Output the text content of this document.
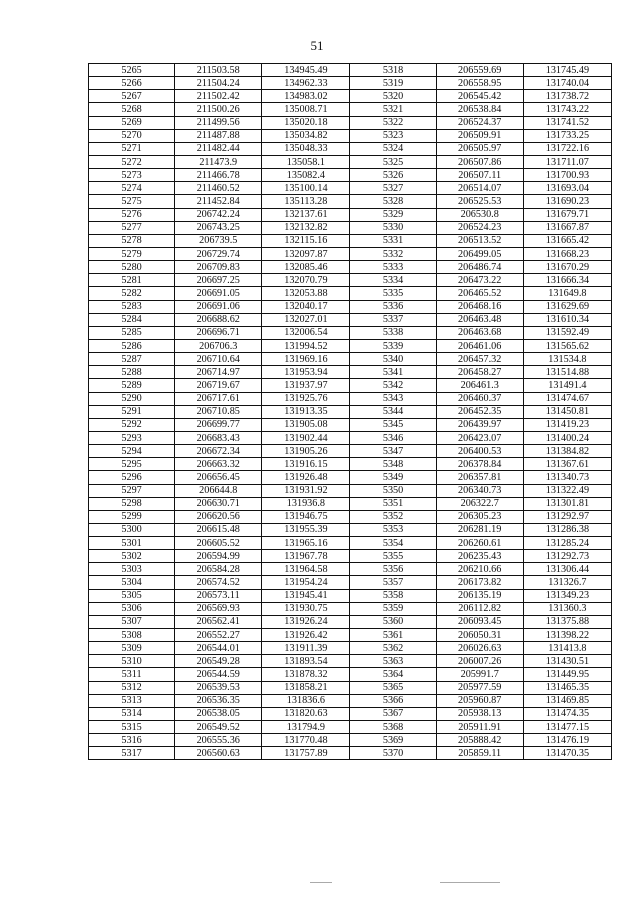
51
5265	211503.58	134945.49	5318	206559.69	131745.49
5266	211504.24	134962.33	5319	206558.95	131740.04
5267	211502.42	134983.02	5320	206545.42	131738.72
5268	211500.26	135008.71	5321	206538.84	131743.22
5269	211499.56	135020.18	5322	206524.37	131741.52
5270	211487.88	135034.82	5323	206509.91	131733.25
5271	211482.44	135048.33	5324	206505.97	131722.16
5272	211473.9	135058.1	5325	206507.86	131711.07
5273	211466.78	135082.4	5326	206507.11	131700.93
5274	211460.52	135100.14	5327	206514.07	131693.04
5275	211452.84	135113.28	5328	206525.53	131690.23
5276	206742.24	132137.61	5329	206530.8	131679.71
5277	206743.25	132132.82	5330	206524.23	131667.87
5278	206739.5	132115.16	5331	206513.52	131665.42
5279	206729.74	132097.87	5332	206499.05	131668.23
5280	206709.83	132085.46	5333	206486.74	131670.29
5281	206697.25	132070.79	5334	206473.22	131666.34
5282	206691.05	132053.88	5335	206465.52	131649.8
5283	206691.06	132040.17	5336	206468.16	131629.69
5284	206688.62	132027.01	5337	206463.48	131610.34
5285	206696.71	132006.54	5338	206463.68	131592.49
5286	206706.3	131994.52	5339	206461.06	131565.62
5287	206710.64	131969.16	5340	206457.32	131534.8
5288	206714.97	131953.94	5341	206458.27	131514.88
5289	206719.67	131937.97	5342	206461.3	131491.4
5290	206717.61	131925.76	5343	206460.37	131474.67
5291	206710.85	131913.35	5344	206452.35	131450.81
5292	206699.77	131905.08	5345	206439.97	131419.23
5293	206683.43	131902.44	5346	206423.07	131400.24
5294	206672.34	131905.26	5347	206400.53	131384.82
5295	206663.32	131916.15	5348	206378.84	131367.61
5296	206656.45	131926.48	5349	206357.81	131340.73
5297	206644.8	131931.92	5350	206340.73	131322.49
5298	206630.71	131936.8	5351	206322.7	131301.81
5299	206620.56	131946.75	5352	206305.23	131292.97
5300	206615.48	131955.39	5353	206281.19	131286.38
5301	206605.52	131965.16	5354	206260.61	131285.24
5302	206594.99	131967.78	5355	206235.43	131292.73
5303	206584.28	131964.58	5356	206210.66	131306.44
5304	206574.52	131954.24	5357	206173.82	131326.7
5305	206573.11	131945.41	5358	206135.19	131349.23
5306	206569.93	131930.75	5359	206112.82	131360.3
5307	206562.41	131926.24	5360	206093.45	131375.88
5308	206552.27	131926.42	5361	206050.31	131398.22
5309	206544.01	131911.39	5362	206026.63	131413.8
5310	206549.28	131893.54	5363	206007.26	131430.51
5311	206544.59	131878.32	5364	205991.7	131449.95
5312	206539.53	131858.21	5365	205977.59	131465.35
5313	206536.35	131836.6	5366	205960.87	131469.85
5314	206538.05	131820.63	5367	205938.13	131474.35
5315	206549.52	131794.9	5368	205911.91	131477.15
5316	206555.36	131770.48	5369	205888.42	131476.19
5317	206560.63	131757.89	5370	205859.11	131470.35
